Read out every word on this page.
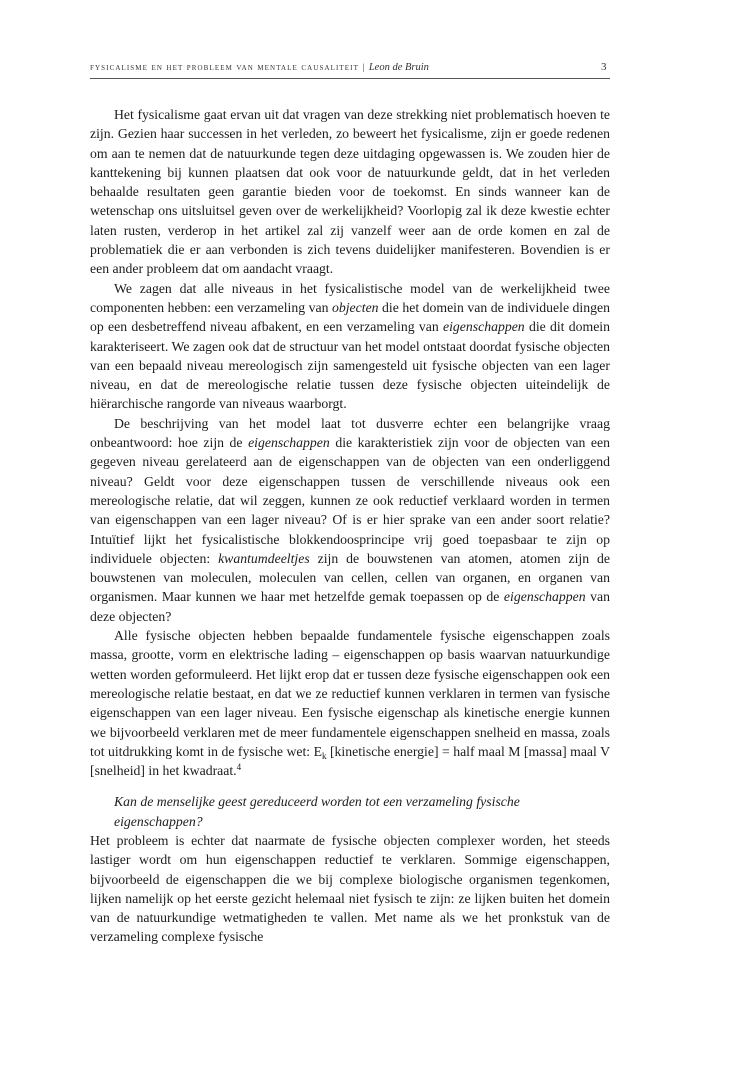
fysicalisme en het probleem van mentale causaliteit | Leon de Bruin	3

Het fysicalisme gaat ervan uit dat vragen van deze strekking niet problematisch hoeven te zijn. Gezien haar successen in het verleden, zo beweert het fysicalisme, zijn er goede redenen om aan te nemen dat de natuurkunde tegen deze uitdaging opgewassen is. We zouden hier de kanttekening bij kunnen plaatsen dat ook voor de natuurkunde geldt, dat in het verleden behaalde resultaten geen garantie bieden voor de toekomst. En sinds wanneer kan de wetenschap ons uitsluitsel geven over de werkelijkheid? Voorlopig zal ik deze kwestie echter laten rusten, verderop in het artikel zal zij vanzelf weer aan de orde komen en zal de problematiek die er aan verbonden is zich tevens duidelijker manifesteren. Bovendien is er een ander probleem dat om aandacht vraagt.

We zagen dat alle niveaus in het fysicalistische model van de werkelijkheid twee componenten hebben: een verzameling van objecten die het domein van de individuele dingen op een desbetreffend niveau afbakent, en een verzameling van eigenschappen die dit domein karakteriseert. We zagen ook dat de structuur van het model ontstaat doordat fysische objecten van een bepaald niveau mereologisch zijn samengesteld uit fysische objecten van een lager niveau, en dat de mereologische relatie tussen deze fysische objecten uiteindelijk de hiërarchische rangorde van niveaus waarborgt.

De beschrijving van het model laat tot dusverre echter een belangrijke vraag onbeantwoord: hoe zijn de eigenschappen die karakteristiek zijn voor de objecten van een gegeven niveau gerelateerd aan de eigenschappen van de objecten van een onderliggend niveau? Geldt voor deze eigenschappen tussen de verschillende niveaus ook een mereologische relatie, dat wil zeggen, kunnen ze ook reductief verklaard worden in termen van eigenschappen van een lager niveau? Of is er hier sprake van een ander soort relatie? Intuïtief lijkt het fysicalistische blokkendoosprincipe vrij goed toepasbaar te zijn op individuele objecten: kwantumdeeltjes zijn de bouwstenen van atomen, atomen zijn de bouwstenen van moleculen, moleculen van cellen, cellen van organen, en organen van organismen. Maar kunnen we haar met hetzelfde gemak toepassen op de eigenschappen van deze objecten?

Alle fysische objecten hebben bepaalde fundamentele fysische eigenschappen zoals massa, grootte, vorm en elektrische lading – eigenschappen op basis waarvan natuurkundige wetten worden geformuleerd. Het lijkt erop dat er tussen deze fysische eigenschappen ook een mereologische relatie bestaat, en dat we ze reductief kunnen verklaren in termen van fysische eigenschappen van een lager niveau. Een fysische eigenschap als kinetische energie kunnen we bijvoorbeeld verklaren met de meer fundamentele eigenschappen snelheid en massa, zoals tot uitdrukking komt in de fysische wet: $E_k$ [kinetische energie] = half maal M [massa] maal V [snelheid] in het kwadraat.$^4$

Kan de menselijke geest gereduceerd worden tot een verzameling fysische eigenschappen?

Het probleem is echter dat naarmate de fysische objecten complexer worden, het steeds lastiger wordt om hun eigenschappen reductief te verklaren. Sommige eigenschappen, bijvoorbeeld de eigenschappen die we bij complexe biologische organismen tegenkomen, lijken namelijk op het eerste gezicht helemaal niet fysisch te zijn: ze lijken buiten het domein van de natuurkundige wetmatigheden te vallen. Met name als we het pronkstuk van de verzameling complexe fysische
